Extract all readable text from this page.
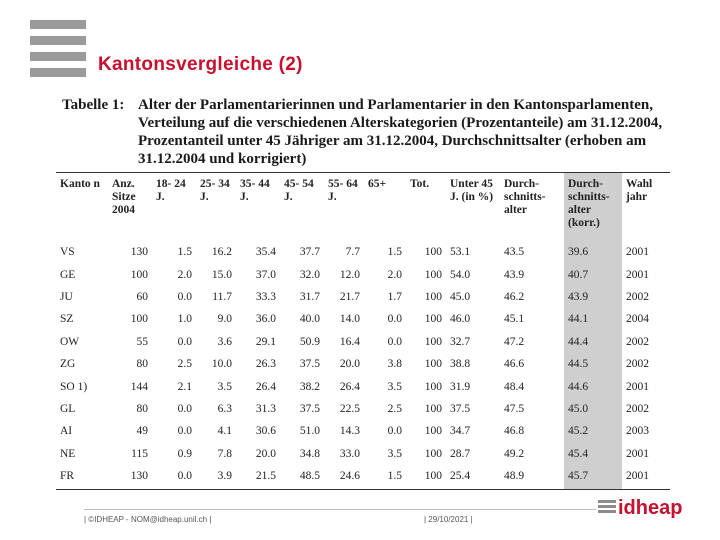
Kantonsvergleiche (2)
Tabelle 1: Alter der Parlamentarierinnen und Parlamentarier in den Kantonsparlamenten, Verteilung auf die verschiedenen Alterskategorien (Prozentanteile) am 31.12.2004, Prozentanteil unter 45 Jähriger am 31.12.2004, Durchschnittsalter (erhoben am 31.12.2004 und korrigiert)
Kanto n	Anz. Sitze 2004	18- 24 J.	25- 34 J.	35- 44 J.	45- 54 J.	55- 64 J.	65+	Tot.	Unter 45 J. (in %)	Durch- schnitts- alter	Durch- schnitts- alter (korr.)	Wahl jahr
VS	130	1.5	16.2	35.4	37.7	7.7	1.5	100	53.1	43.5	39.6	2001
GE	100	2.0	15.0	37.0	32.0	12.0	2.0	100	54.0	43.9	40.7	2001
JU	60	0.0	11.7	33.3	31.7	21.7	1.7	100	45.0	46.2	43.9	2002
SZ	100	1.0	9.0	36.0	40.0	14.0	0.0	100	46.0	45.1	44.1	2004
OW	55	0.0	3.6	29.1	50.9	16.4	0.0	100	32.7	47.2	44.4	2002
ZG	80	2.5	10.0	26.3	37.5	20.0	3.8	100	38.8	46.6	44.5	2002
SO 1)	144	2.1	3.5	26.4	38.2	26.4	3.5	100	31.9	48.4	44.6	2001
GL	80	0.0	6.3	31.3	37.5	22.5	2.5	100	37.5	47.5	45.0	2002
AI	49	0.0	4.1	30.6	51.0	14.3	0.0	100	34.7	46.8	45.2	2003
NE	115	0.9	7.8	20.0	34.8	33.0	3.5	100	28.7	49.2	45.4	2001
FR	130	0.0	3.9	21.5	48.5	24.6	1.5	100	25.4	48.9	45.7	2001
| ©IDHEAP - NOM@idheap.unil.ch |	| 29/10/2021 |
idheap
